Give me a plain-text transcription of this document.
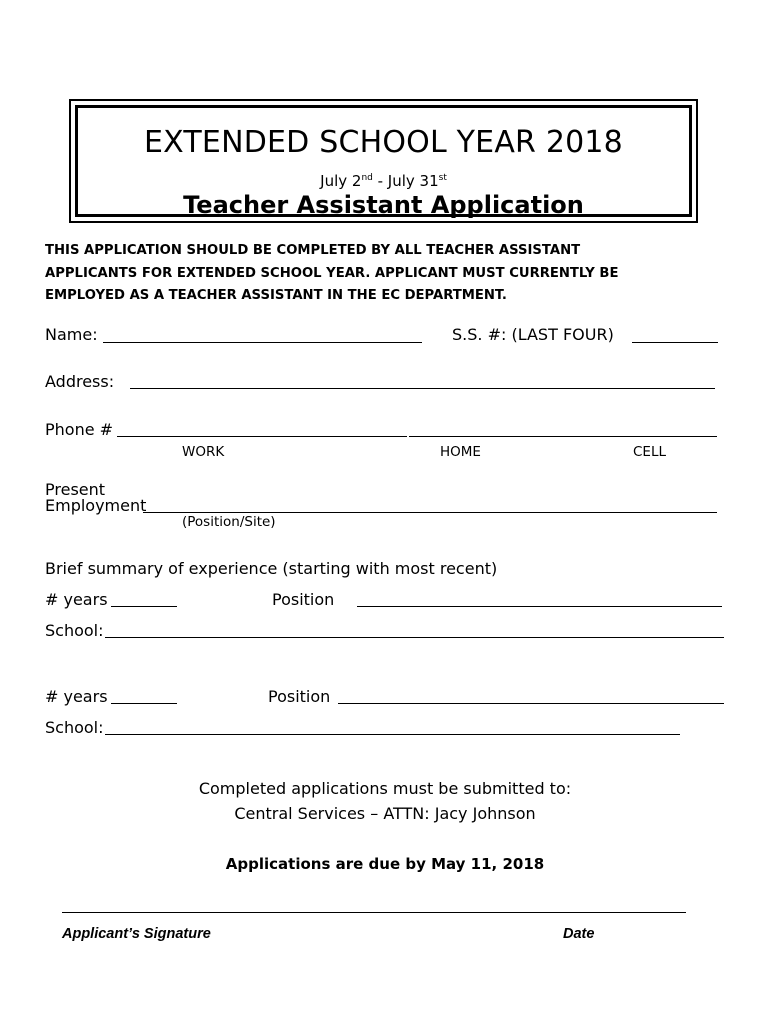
EXTENDED SCHOOL YEAR 2018
July 2nd - July 31st
Teacher Assistant Application
THIS APPLICATION SHOULD BE COMPLETED BY ALL TEACHER ASSISTANT
APPLICANTS FOR EXTENDED SCHOOL YEAR. APPLICANT MUST CURRENTLY BE
EMPLOYED AS A TEACHER ASSISTANT IN THE EC DEPARTMENT.
Name:	S.S. #: (LAST FOUR)
Address:
Phone #
WORK	HOME	CELL
Present
Employment
(Position/Site)
Brief summary of experience (starting with most recent)
# years	Position
School:
# years	Position
School:
Completed applications must be submitted to:
Central Services – ATTN: Jacy Johnson
Applications are due by May 11, 2018
Applicant’s Signature	Date
